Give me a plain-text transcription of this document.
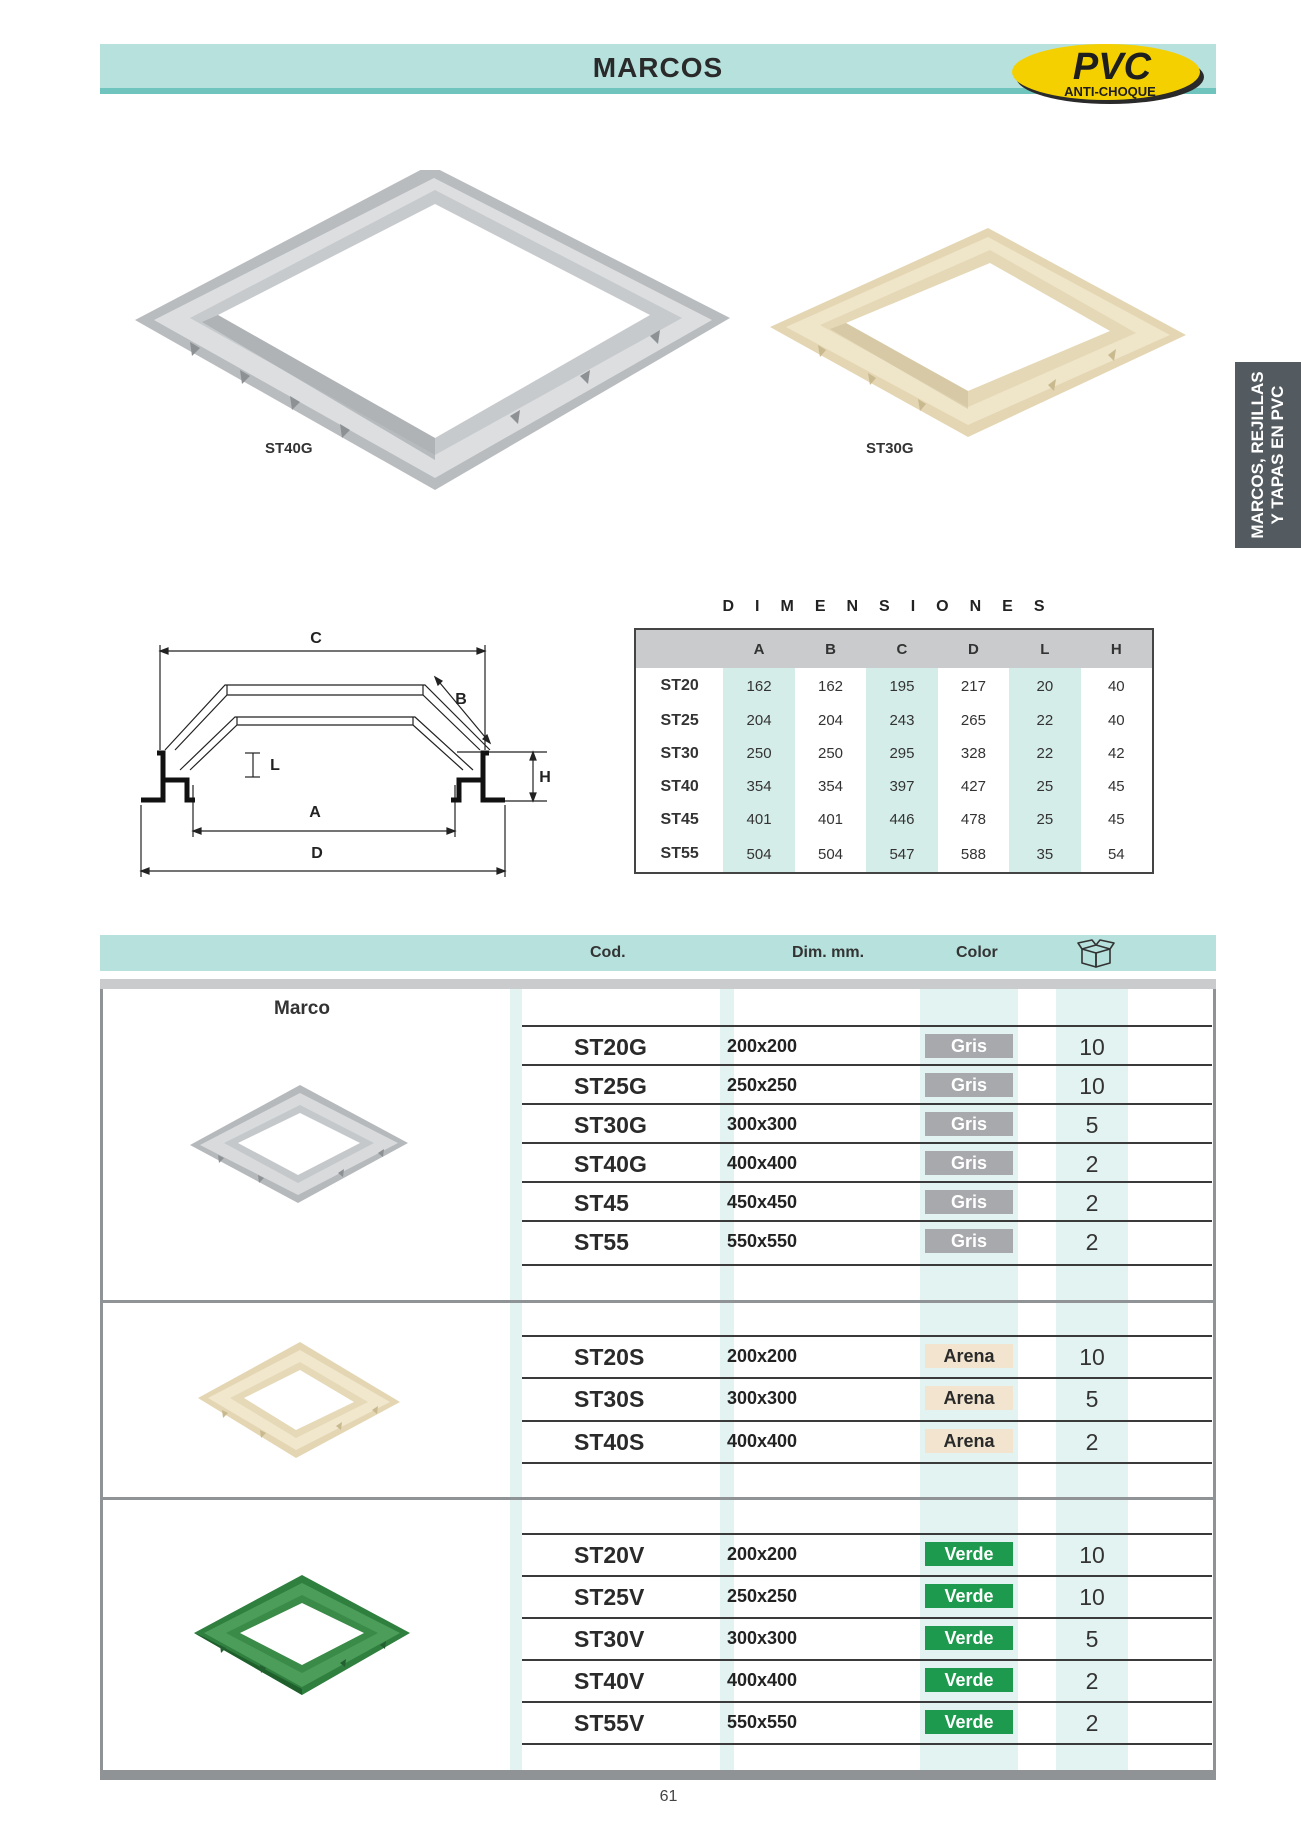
MARCOS	PVC
ANTI-CHOQUE
MARCOS, REJILLAS Y TAPAS EN PVC
ST40G	ST30G
C
B
L
H
A
D
DIMENSIONES
A	B	C	D	L	H
ST20	162	162	195	217	20	40
ST25	204	204	243	265	22	40
ST30	250	250	295	328	22	42
ST40	354	354	397	427	25	45
ST45	401	401	446	478	25	45
ST55	504	504	547	588	35	54
Cod.	Dim. mm.	Color
Marco
ST20G	200x200	Gris	10
ST25G	250x250	Gris	10
ST30G	300x300	Gris	5
ST40G	400x400	Gris	2
ST45	450x450	Gris	2
ST55	550x550	Gris	2
ST20S	200x200	Arena	10
ST30S	300x300	Arena	5
ST40S	400x400	Arena	2
ST20V	200x200	Verde	10
ST25V	250x250	Verde	10
ST30V	300x300	Verde	5
ST40V	400x400	Verde	2
ST55V	550x550	Verde	2
61
